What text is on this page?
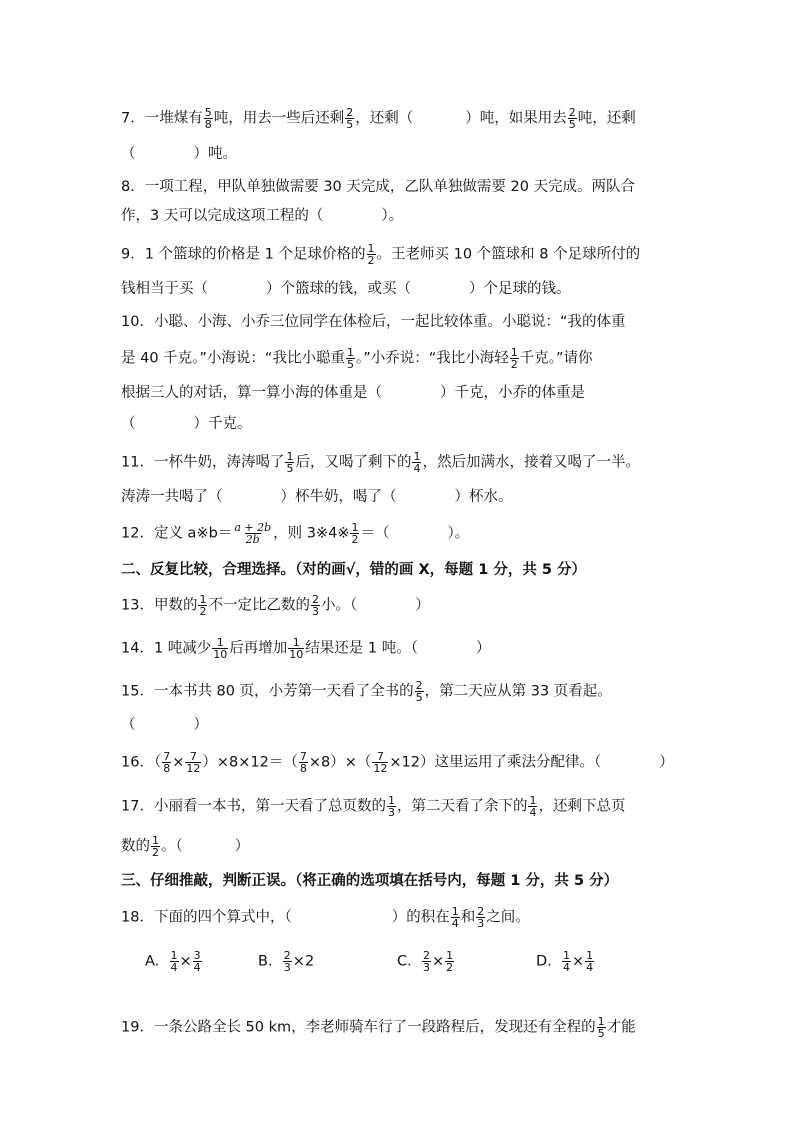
7．一堆煤有 $\frac{5}{8}$ 吨，用去一些后还剩 $\frac{2}{5}$ ，还剩（	）吨，如果用去 $\frac{2}{5}$ 吨，还剩
（	）吨。
8．一项工程，甲队单独做需要 30 天完成，乙队单独做需要 20 天完成。两队合
作，3 天可以完成这项工程的（	）。
9．1 个篮球的价格是 1 个足球价格的 $\frac{1}{2}$ 。王老师买 10 个篮球和 8 个足球所付的
钱相当于买（	）个篮球的钱，或买（	）个足球的钱。
10．小聪、小海、小乔三位同学在体检后，一起比较体重。小聪说：“我的体重
是 40 千克。”小海说：“我比小聪重 $\frac{1}{5}$ 。”小乔说：“我比小海轻 $\frac{1}{2}$ 千克。”请你
根据三人的对话，算一算小海的体重是（	）千克，小乔的体重是
（	）千克。
11．一杯牛奶，涛涛喝了 $\frac{1}{5}$ 后，又喝了剩下的 $\frac{1}{4}$ ，然后加满水，接着又喝了一半。
涛涛一共喝了（	）杯牛奶，喝了（	）杯水。
12．定义 a※b＝ $\frac{a + 2b}{2b}$ ，则 3※4※ $\frac{1}{2}$ ＝（	）。
二、反复比较，合理选择。（对的画√，错的画 X，每题 1 分，共 5 分）
13．甲数的 $\frac{1}{2}$ 不一定比乙数的 $\frac{2}{3}$ 小。（	）
14．1 吨减少 $\frac{1}{10}$ 后再增加 $\frac{1}{10}$ 结果还是 1 吨。（	）
15．一本书共 80 页，小芳第一天看了全书的 $\frac{2}{5}$ ，第二天应从第 33 页看起。
（	）
16．（ $\frac{7}{8} \times \frac{7}{12} )\times 8\times 12=( \frac{7}{8} \times 8)\times( \frac{7}{12} \times 12)$这里运用了乘法分配律。（	）
17．小丽看一本书，第一天看了总页数的 $\frac{1}{3}$ ，第二天看了余下的 $\frac{1}{4}$ ，还剩下总页
数的 $\frac{1}{2}$ 。（	）
三、仔细推敲，判断正误。（将正确的选项填在括号内，每题 1 分，共 5 分）
18．下面的四个算式中，（	）的积在 $\frac{1}{4}$ 和 $\frac{2}{3}$ 之间。
A. $\frac{1}{4} \times \frac{3}{4}$	B. $\frac{2}{3} \times 2$	C. $\frac{2}{3} \times \frac{1}{2}$	D. $\frac{1}{4} \times \frac{1}{4}$
19．一条公路全长 50 km，李老师骑车行了一段路程后，发现还有全程的 $\frac{1}{5}$ 才能
